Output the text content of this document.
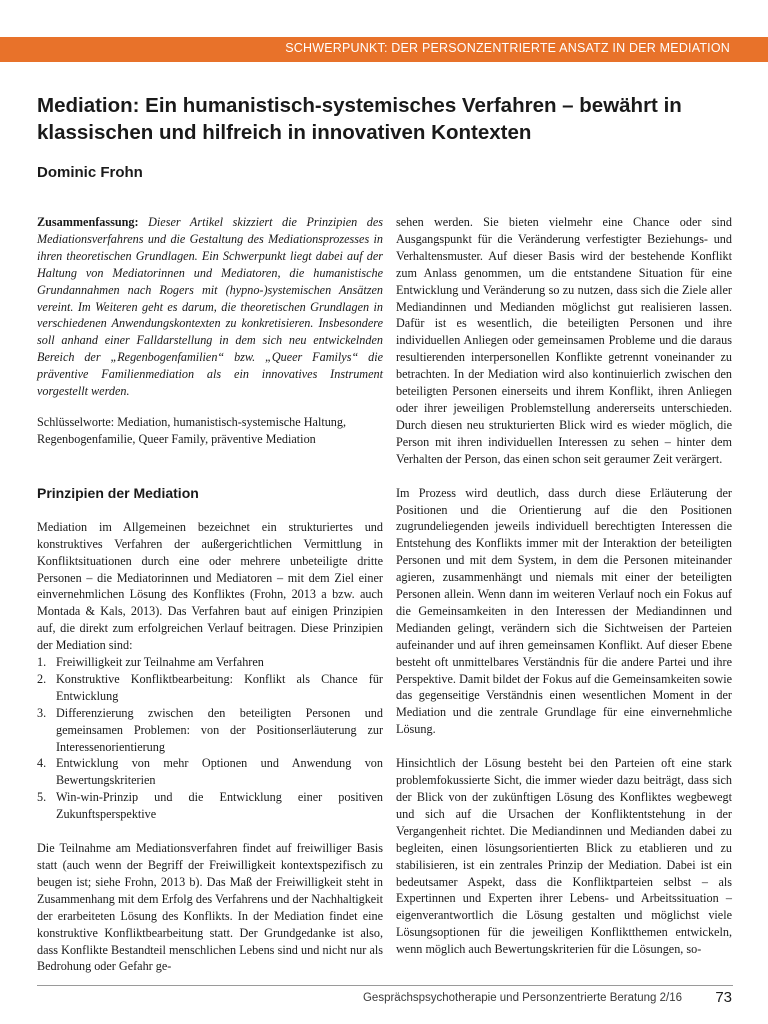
SCHWERPUNKT: DER PERSONZENTRIERTE ANSATZ IN DER MEDIATION
Mediation: Ein humanistisch-systemisches Verfahren – bewährt in klassischen und hilfreich in innovativen Kontexten

Dominic Frohn

Zusammenfassung: Dieser Artikel skizziert die Prinzipien des Mediationsverfahrens und die Gestaltung des Mediationsprozesses in ihren theoretischen Grundlagen. Ein Schwerpunkt liegt dabei auf der Haltung von Mediatorinnen und Mediatoren, die humanistische Grundannahmen nach Rogers mit (hypno-)systemischen Ansätzen vereint. Im Weiteren geht es darum, die theoretischen Grundlagen in verschiedenen Anwendungskontexten zu konkretisieren. Insbesondere soll anhand einer Falldarstellung in dem sich neu entwickelnden Bereich der „Regenbogenfamilien“ bzw. „Queer Familys“ die präventive Familienmediation als ein innovatives Instrument vorgestellt werden.

Schlüsselworte: Mediation, humanistisch-systemische Haltung, Regenbogenfamilie, Queer Family, präventive Mediation

Prinzipien der Mediation

Mediation im Allgemeinen bezeichnet ein strukturiertes und konstruktives Verfahren der außergerichtlichen Vermittlung in Konfliktsituationen durch eine oder mehrere unbeteiligte dritte Personen – die Mediatorinnen und Mediatoren – mit dem Ziel einer einvernehmlichen Lösung des Konfliktes (Frohn, 2013 a bzw. auch Montada & Kals, 2013). Das Verfahren baut auf einigen Prinzipien auf, die direkt zum erfolgreichen Verlauf beitragen. Diese Prinzipien der Mediation sind:

1. Freiwilligkeit zur Teilnahme am Verfahren
2. Konstruktive Konfliktbearbeitung: Konflikt als Chance für Entwicklung
3. Differenzierung zwischen den beteiligten Personen und gemeinsamen Problemen: von der Positionserläuterung zur Interessenorientierung
4. Entwicklung von mehr Optionen und Anwendung von Bewertungskriterien
5. Win-win-Prinzip und die Entwicklung einer positiven Zukunftsperspektive

Die Teilnahme am Mediationsverfahren findet auf freiwilliger Basis statt (auch wenn der Begriff der Freiwilligkeit kontextspezifisch zu beugen ist; siehe Frohn, 2013 b). Das Maß der Freiwilligkeit steht in Zusammenhang mit dem Erfolg des Verfahrens und der Nachhaltigkeit der erarbeiteten Lösung des Konflikts. In der Mediation findet eine konstruktive Konfliktbearbeitung statt. Der Grundgedanke ist also, dass Konflikte Bestandteil menschlichen Lebens sind und nicht nur als Bedrohung oder Gefahr ge-

sehen werden. Sie bieten vielmehr eine Chance oder sind Ausgangspunkt für die Veränderung verfestigter Beziehungs- und Verhaltensmuster. Auf dieser Basis wird der bestehende Konflikt zum Anlass genommen, um die entstandene Situation für eine Entwicklung und Veränderung so zu nutzen, dass sich die Ziele aller Mediandinnen und Medianden möglichst gut realisieren lassen. Dafür ist es wesentlich, die beteiligten Personen und ihre individuellen Anliegen oder gemeinsamen Probleme und die daraus resultierenden interpersonellen Konflikte getrennt voneinander zu betrachten. In der Mediation wird also kontinuierlich zwischen den beteiligten Personen einerseits und ihrem Konflikt, ihren Anliegen oder ihrer jeweiligen Problemstellung andererseits unterschieden. Durch diesen neu strukturierten Blick wird es wieder möglich, die Person mit ihren individuellen Interessen zu sehen – hinter dem Verhalten der Person, das einen schon seit geraumer Zeit verärgert.

Im Prozess wird deutlich, dass durch diese Erläuterung der Positionen und die Orientierung auf die den Positionen zugrundeliegenden jeweils individuell berechtigten Interessen die Entstehung des Konflikts immer mit der Interaktion der beteiligten Personen und mit dem System, in dem die Personen miteinander agieren, zusammenhängt und niemals mit einer der beteiligten Personen allein. Wenn dann im weiteren Verlauf noch ein Fokus auf die Gemeinsamkeiten in den Interessen der Mediandinnen und Medianden gelingt, verändern sich die Sichtweisen der Parteien aufeinander und auf ihren gemeinsamen Konflikt. Auf dieser Ebene besteht oft unmittelbares Verständnis für die andere Partei und ihre Perspektive. Damit bildet der Fokus auf die Gemeinsamkeiten sowie das gegenseitige Verständnis einen wesentlichen Moment in der Mediation und die zentrale Grundlage für eine einvernehmliche Lösung.

Hinsichtlich der Lösung besteht bei den Parteien oft eine stark problemfokussierte Sicht, die immer wieder dazu beiträgt, dass sich der Blick von der zukünftigen Lösung des Konfliktes wegbewegt und sich auf die Ursachen der Konfliktentstehung in der Vergangenheit richtet. Die Mediandinnen und Medianden dabei zu begleiten, einen lösungsorientierten Blick zu etablieren und zu stabilisieren, ist ein zentrales Prinzip der Mediation. Dabei ist ein bedeutsamer Aspekt, dass die Konfliktparteien selbst – als Expertinnen und Experten ihrer Lebens- und Arbeitssituation – eigenverantwortlich die Lösung gestalten und möglichst viele Lösungsoptionen für die jeweiligen Konfliktthemen entwickeln, wenn möglich auch Bewertungskriterien für die Lösungen, so-

Gesprächspsychotherapie und Personzentrierte Beratung 2/16 73
